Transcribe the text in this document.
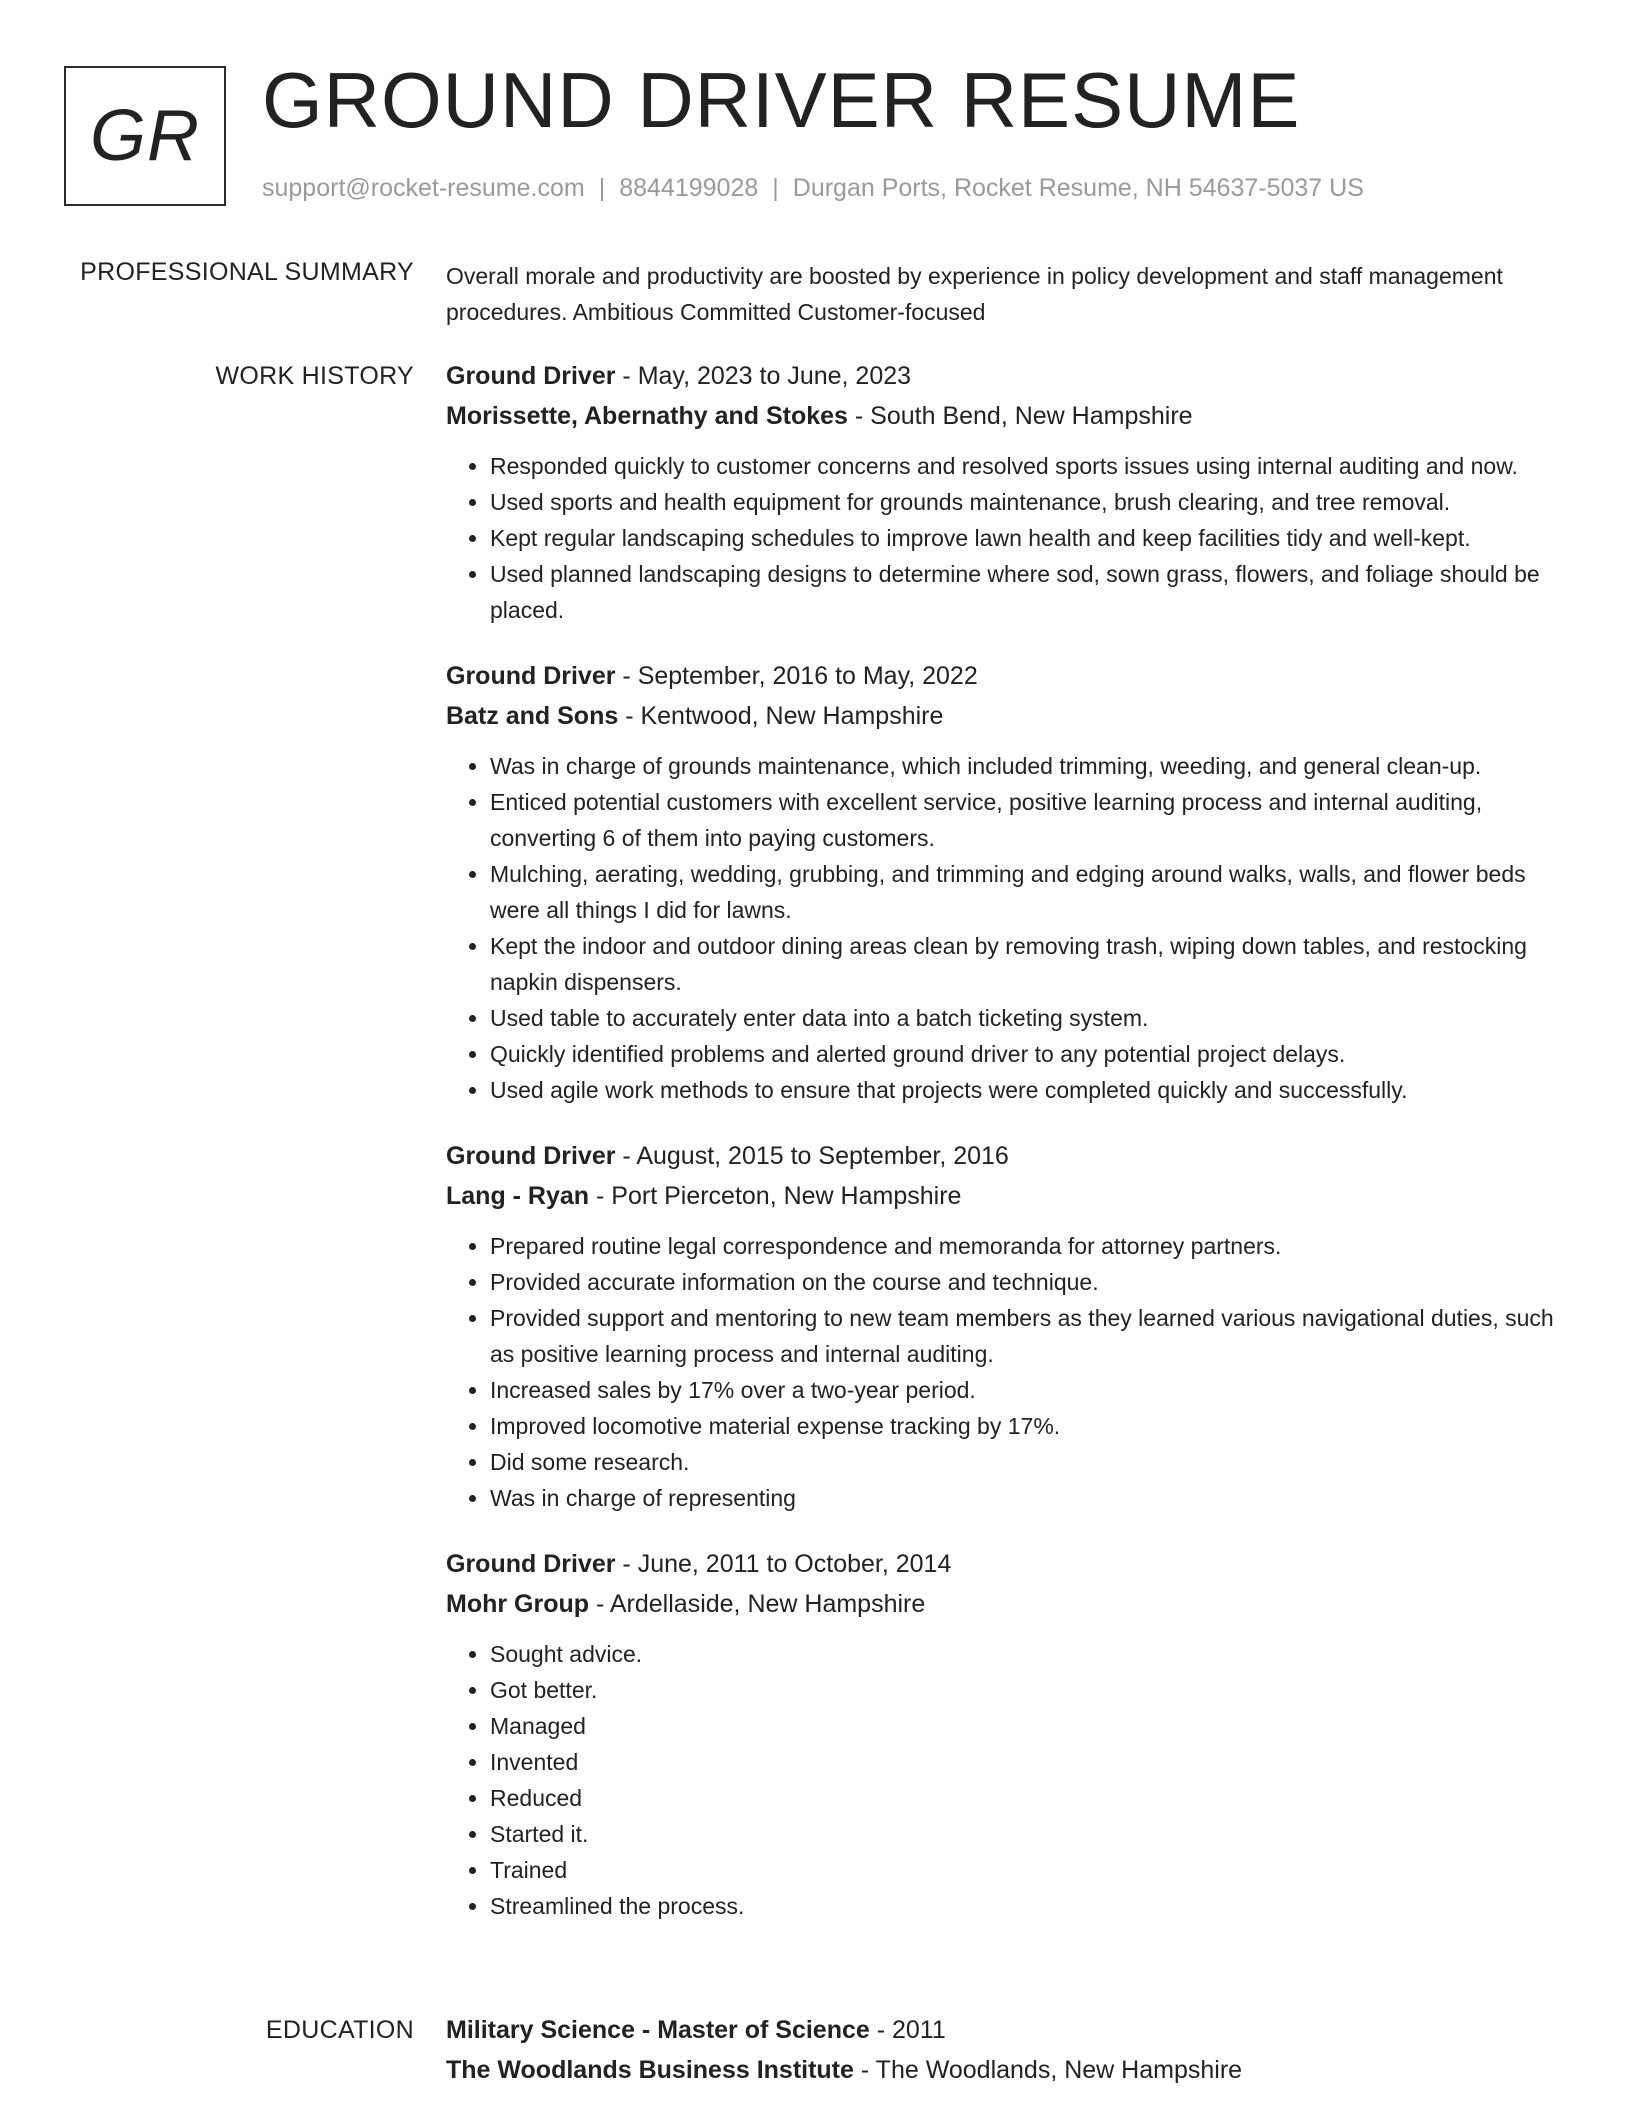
GR GROUND DRIVER RESUME
support@rocket-resume.com | 8844199028 | Durgan Ports, Rocket Resume, NH 54637-5037 US
PROFESSIONAL SUMMARY Overall morale and productivity are boosted by experience in policy development and staff management procedures. Ambitious Committed Customer-focused
WORK HISTORY Ground Driver - May, 2023 to June, 2023
Morissette, Abernathy and Stokes - South Bend, New Hampshire
• Responded quickly to customer concerns and resolved sports issues using internal auditing and now.
• Used sports and health equipment for grounds maintenance, brush clearing, and tree removal.
• Kept regular landscaping schedules to improve lawn health and keep facilities tidy and well-kept.
• Used planned landscaping designs to determine where sod, sown grass, flowers, and foliage should be placed.
Ground Driver - September, 2016 to May, 2022
Batz and Sons - Kentwood, New Hampshire
• Was in charge of grounds maintenance, which included trimming, weeding, and general clean-up.
• Enticed potential customers with excellent service, positive learning process and internal auditing, converting 6 of them into paying customers.
• Mulching, aerating, wedding, grubbing, and trimming and edging around walks, walls, and flower beds were all things I did for lawns.
• Kept the indoor and outdoor dining areas clean by removing trash, wiping down tables, and restocking napkin dispensers.
• Used table to accurately enter data into a batch ticketing system.
• Quickly identified problems and alerted ground driver to any potential project delays.
• Used agile work methods to ensure that projects were completed quickly and successfully.
Ground Driver - August, 2015 to September, 2016
Lang - Ryan - Port Pierceton, New Hampshire
• Prepared routine legal correspondence and memoranda for attorney partners.
• Provided accurate information on the course and technique.
• Provided support and mentoring to new team members as they learned various navigational duties, such as positive learning process and internal auditing.
• Increased sales by 17% over a two-year period.
• Improved locomotive material expense tracking by 17%.
• Did some research.
• Was in charge of representing
Ground Driver - June, 2011 to October, 2014
Mohr Group - Ardellaside, New Hampshire
• Sought advice.
• Got better.
• Managed
• Invented
• Reduced
• Started it.
• Trained
• Streamlined the process.
EDUCATION Military Science - Master of Science - 2011
The Woodlands Business Institute - The Woodlands, New Hampshire
